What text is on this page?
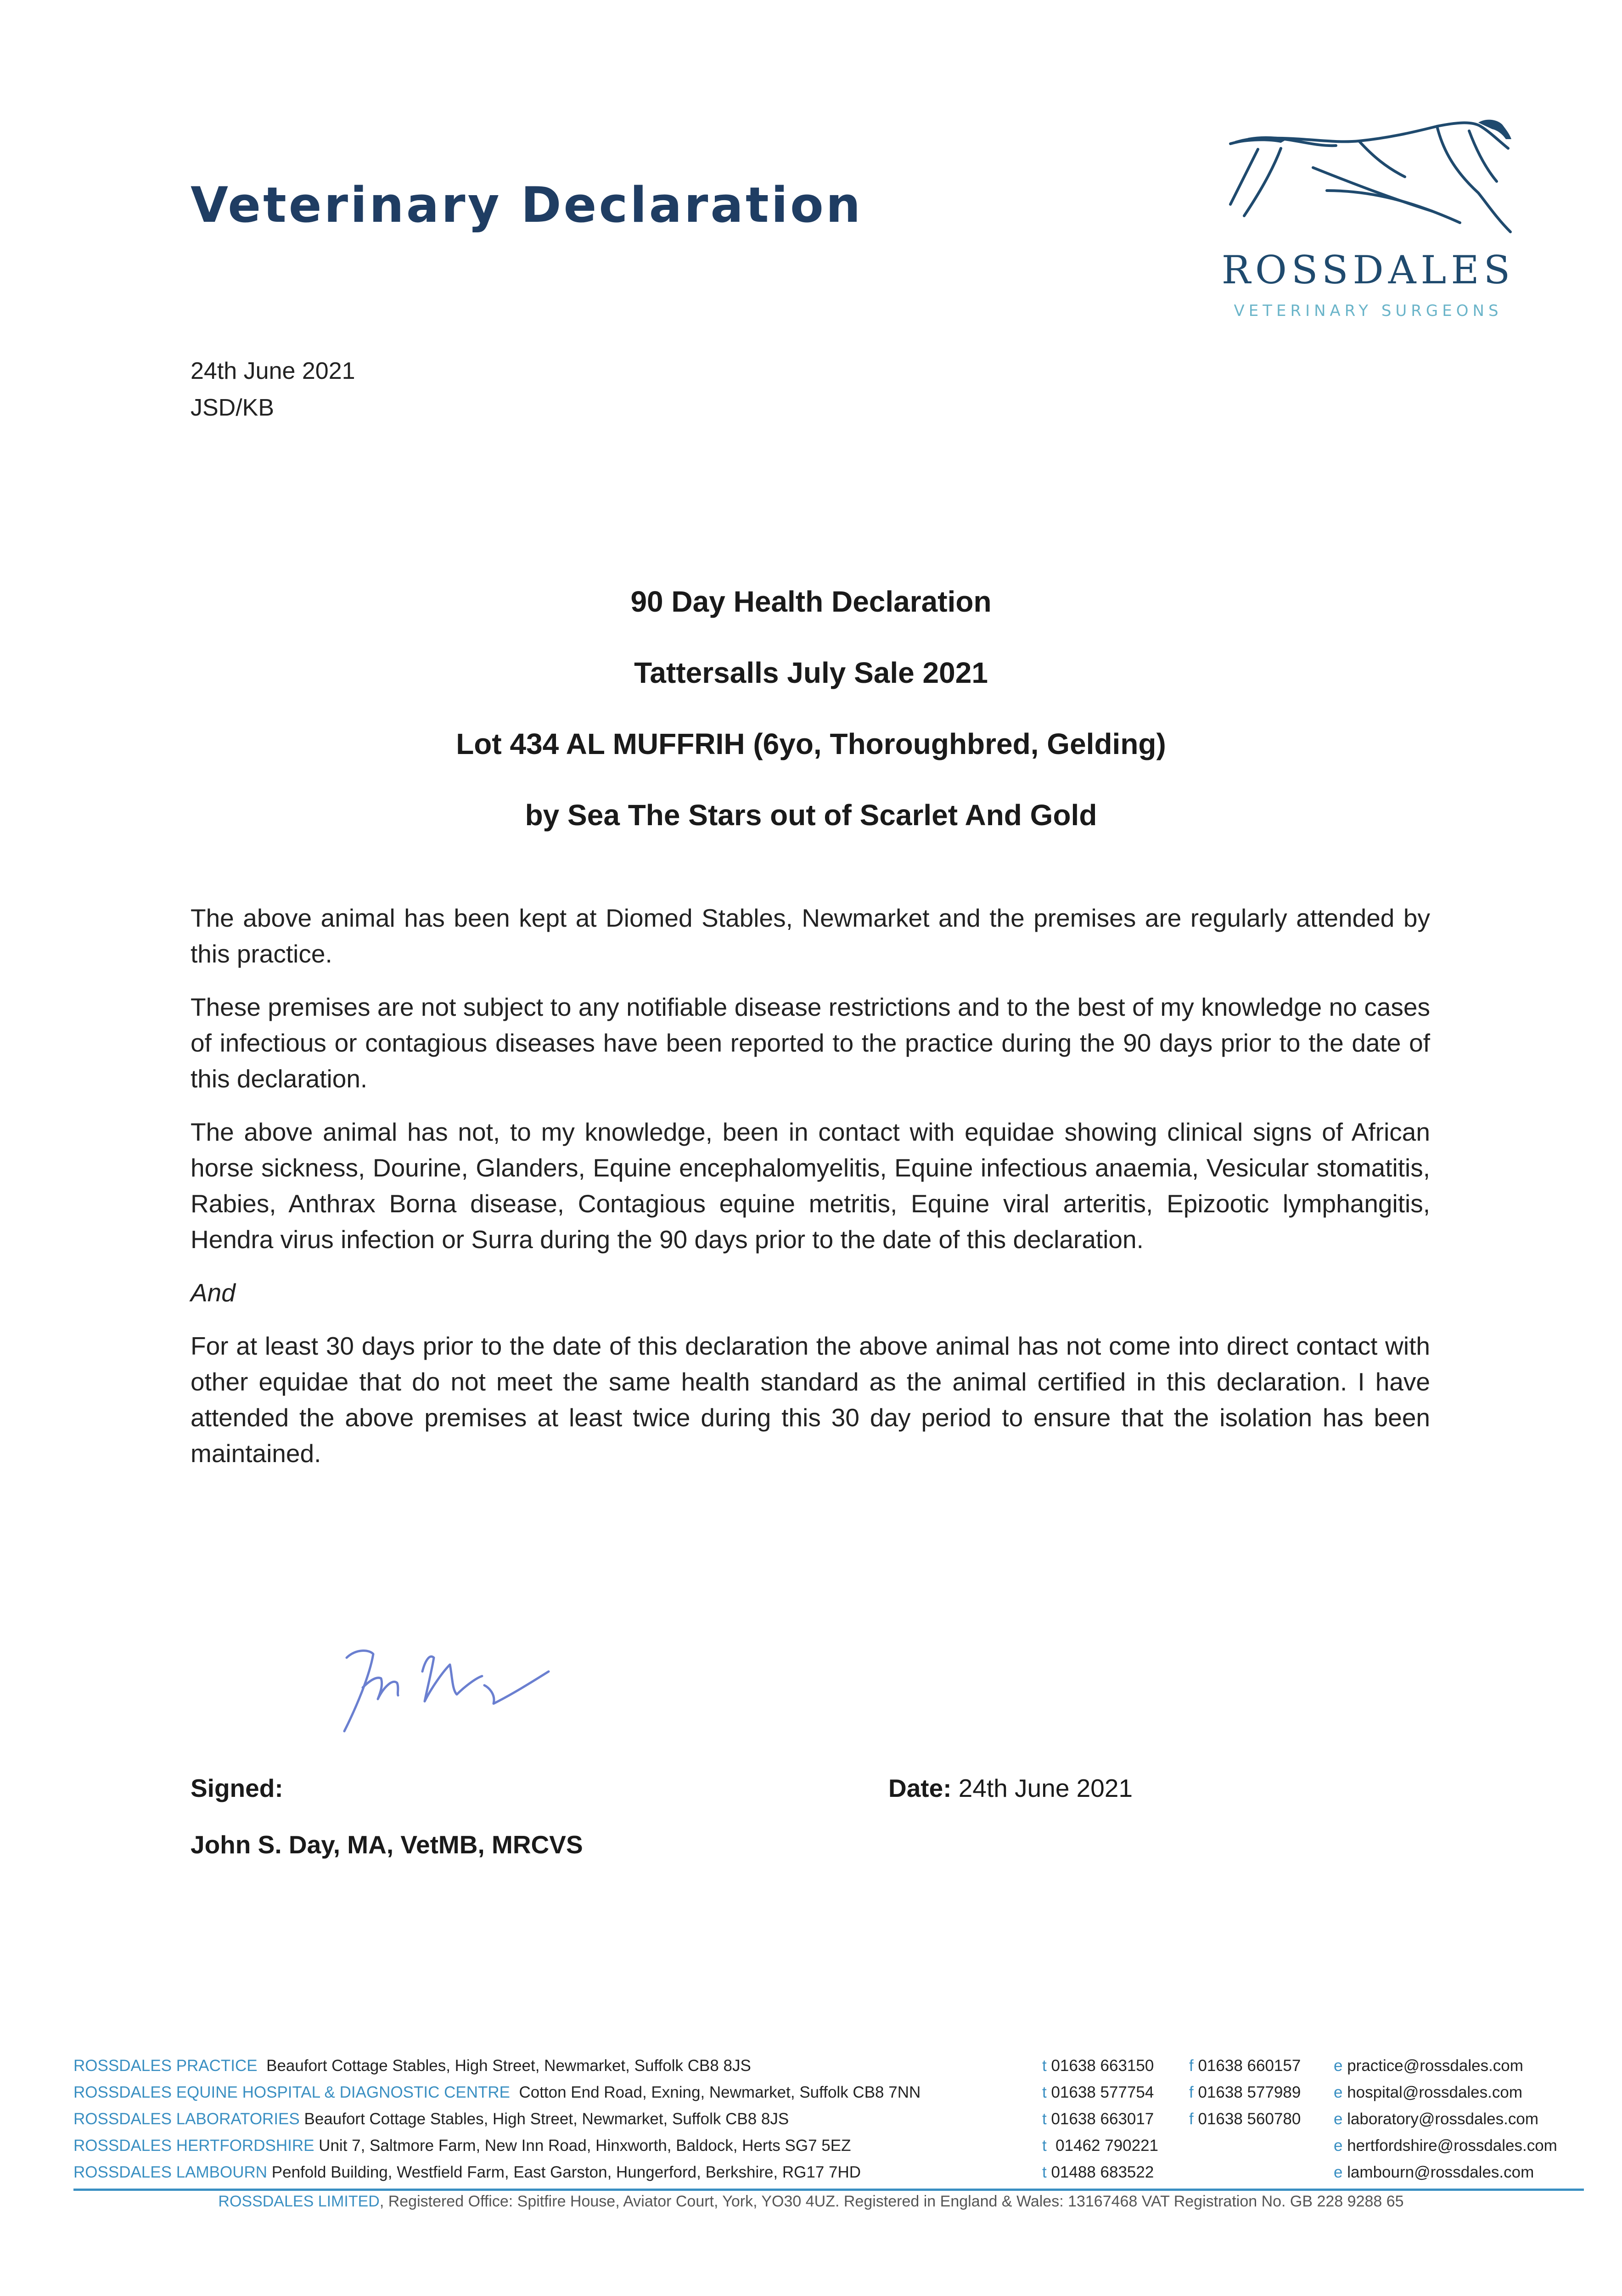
Veterinary Declaration
ROSSDALES
VETERINARY SURGEONS
24th June 2021
JSD/KB
90 Day Health Declaration
Tattersalls July Sale 2021
Lot 434 AL MUFFRIH (6yo, Thoroughbred, Gelding)
by Sea The Stars out of Scarlet And Gold

The above animal has been kept at Diomed Stables, Newmarket and the premises are regularly attended by this practice.

These premises are not subject to any notifiable disease restrictions and to the best of my knowledge no cases of infectious or contagious diseases have been reported to the practice during the 90 days prior to the date of this declaration.

The above animal has not, to my knowledge, been in contact with equidae showing clinical signs of African horse sickness, Dourine, Glanders, Equine encephalomyelitis, Equine infectious anaemia, Vesicular stomatitis, Rabies, Anthrax Borna disease, Contagious equine metritis, Equine viral arteritis, Epizootic lymphangitis, Hendra virus infection or Surra during the 90 days prior to the date of this declaration.

And

For at least 30 days prior to the date of this declaration the above animal has not come into direct contact with other equidae that do not meet the same health standard as the animal certified in this declaration. I have attended the above premises at least twice during this 30 day period to ensure that the isolation has been maintained.

Signed:	Date: 24th June 2021
John S. Day, MA, VetMB, MRCVS
ROSSDALES PRACTICE  Beaufort Cottage Stables, High Street, Newmarket, Suffolk CB8 8JS	t 01638 663150 f 01638 660157 e practice@rossdales.com
ROSSDALES EQUINE HOSPITAL & DIAGNOSTIC CENTRE  Cotton End Road, Exning, Newmarket, Suffolk CB8 7NN	t 01638 577754 f 01638 577989 e hospital@rossdales.com
ROSSDALES LABORATORIES Beaufort Cottage Stables, High Street, Newmarket, Suffolk CB8 8JS	t 01638 663017 f 01638 560780 e laboratory@rossdales.com
ROSSDALES HERTFORDSHIRE Unit 7, Saltmore Farm, New Inn Road, Hinxworth, Baldock, Herts SG7 5EZ	t  01462 790221	e hertfordshire@rossdales.com
ROSSDALES LAMBOURN Penfold Building, Westfield Farm, East Garston, Hungerford, Berkshire, RG17 7HD	t 01488 683522	e lambourn@rossdales.com
ROSSDALES LIMITED, Registered Office: Spitfire House, Aviator Court, York, YO30 4UZ. Registered in England & Wales: 13167468 VAT Registration No. GB 228 9288 65
